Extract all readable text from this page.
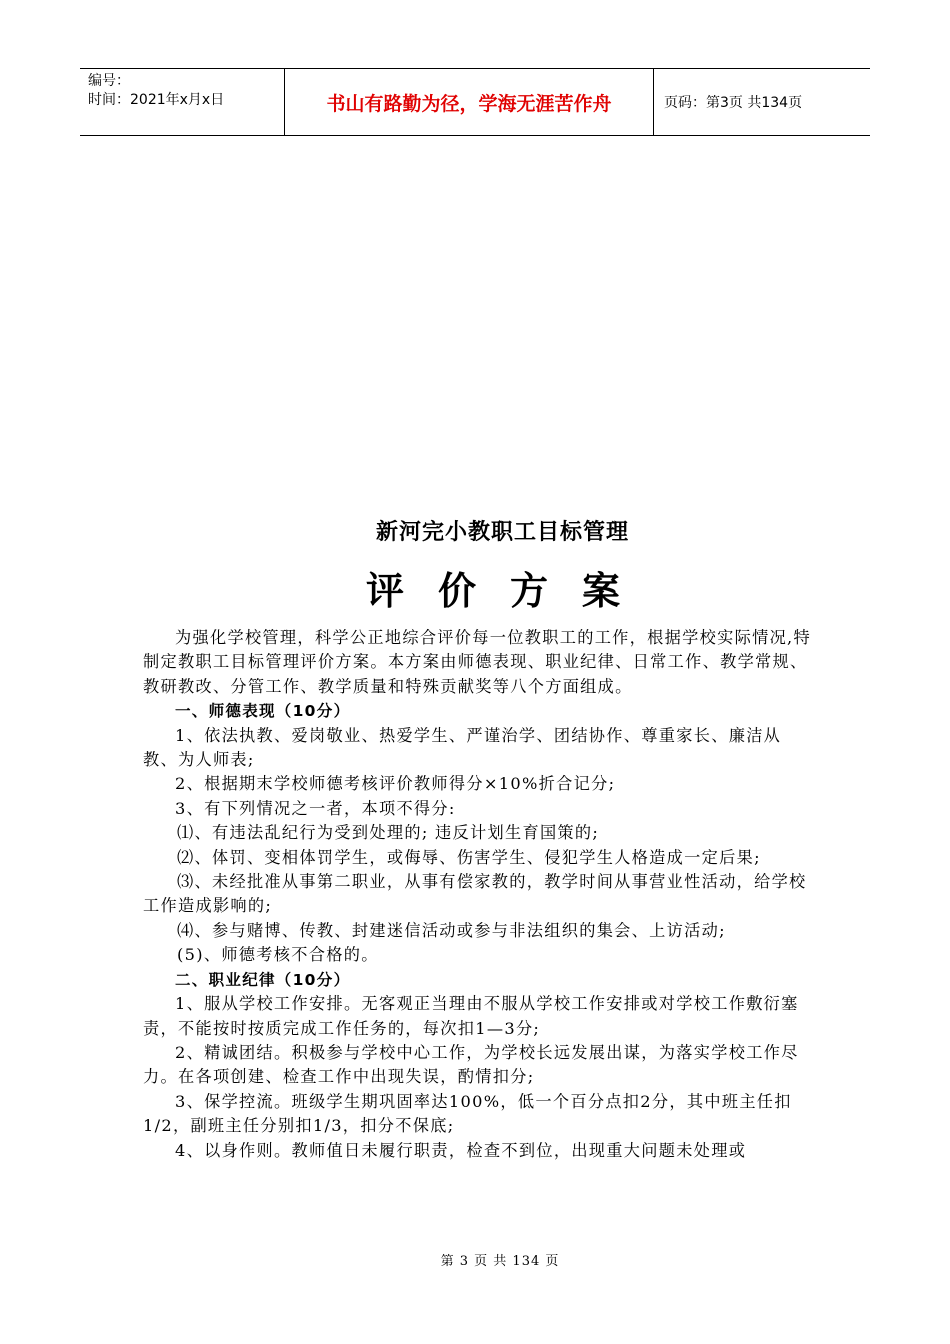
编号：
时间：2021年x月x日	书山有路勤为径，学海无涯苦作舟	页码：第3页 共134页
新河完小教职工目标管理
评价方案

为强化学校管理，科学公正地综合评价每一位教职工的工作，根据学校实际情况,特制定教职工目标管理评价方案。本方案由师德表现、职业纪律、日常工作、教学常规、教研教改、分管工作、教学质量和特殊贡献奖等八个方面组成。

一、师德表现（10分）

1、依法执教、爱岗敬业、热爱学生、严谨治学、团结协作、尊重家长、廉洁从教、为人师表;

2、根据期末学校师德考核评价教师得分×10%折合记分;

3、有下列情况之一者，本项不得分:

⑴、有违法乱纪行为受到处理的; 违反计划生育国策的;

⑵、体罚、变相体罚学生，或侮辱、伤害学生、侵犯学生人格造成一定后果;

⑶、未经批准从事第二职业，从事有偿家教的，教学时间从事营业性活动，给学校工作造成影响的;

⑷、参与赌博、传教、封建迷信活动或参与非法组织的集会、上访活动;

(5)、师德考核不合格的。

二、职业纪律（10分）

1、服从学校工作安排。无客观正当理由不服从学校工作安排或对学校工作敷衍塞责，不能按时按质完成工作任务的，每次扣1—3分;

2、精诚团结。积极参与学校中心工作，为学校长远发展出谋，为落实学校工作尽力。在各项创建、检查工作中出现失误，酌情扣分;

3、保学控流。班级学生期巩固率达100%，低一个百分点扣2分，其中班主任扣1/2，副班主任分别扣1/3，扣分不保底;

4、以身作则。教师值日未履行职责，检查不到位，出现重大问题未处理或

第 3 页 共 134 页
